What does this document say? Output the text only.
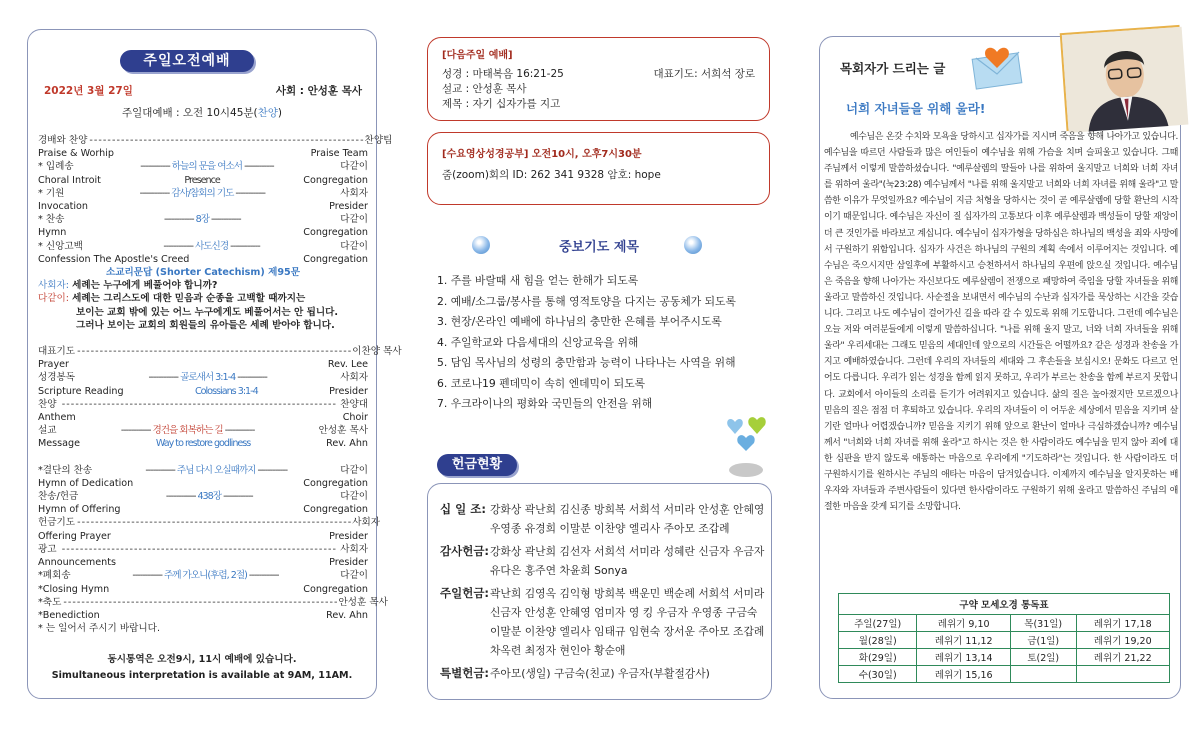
주일오전예배
2022년 3월 27일	사회 : 안성훈 목사
주일대예배 : 오전 10시45분(찬양)
경배와 찬양 - - - - - - - - - - - - - - - - - - - - - - - - - - - - - - - - - - - - - - - - - - - - - - - - - - - - - - - - - - - - - 찬양팀
Praise & Worhip	Praise Team
* 입례송	------------ 하늘의 문을 여소서 ------------	다같이
Choral Introit	Presence	Congregation
* 기원	------------ 감사/참회의 기도 ------------	사회자
Invocation	Presider
* 찬송	------------ 8장 ------------	다같이
Hymn	Congregation
* 신앙고백	------------ 사도신경 ------------	다같이
Confession The Apostle's Creed	Congregation
소교리문답 (Shorter Catechism) 제95문
사회자: 세례는 누구에게 베풀어야 합니까?
다같이: 세례는 그리스도에 대한 믿음과 순종을 고백할 때까지는
보이는 교회 밖에 있는 어느 누구에게도 베풀어서는 안 됩니다.
그러나 보이는 교회의 회원들의 유아들은 세례 받아야 합니다.
대표기도 - - - - - - - - - - - - - - - - - - - - - - - - - - - - - - - - - - - - - - - - - - - - - - - - - - - - - - - - - - - - - 이찬양 목사
Prayer	Rev. Lee
성경봉독	------------ 골로새서 3:1-4 ------------	사회자
Scripture Reading	Colossians 3:1-4	Presider
찬양 - - - - - - - - - - - - - - - - - - - - - - - - - - - - - - - - - - - - - - - - - - - - - - - - - - - - - - - - - - - - - 찬양대
Anthem	Choir
설교	------------ 경건을 회복하는 길 ------------	안성훈 목사
Message	Way to restore godliness	Rev. Ahn
*결단의 찬송	------------ 주님 다시 오실때까지 ------------	다같이
Hymn of Dedication	Congregation
찬송/헌금	------------ 438장 ------------	다같이
Hymn of Offering	Congregation
헌금기도 - - - - - - - - - - - - - - - - - - - - - - - - - - - - - - - - - - - - - - - - - - - - - - - - - - - - - - - - - - - - - 사회자
Offering Prayer	Presider
광고 - - - - - - - - - - - - - - - - - - - - - - - - - - - - - - - - - - - - - - - - - - - - - - - - - - - - - - - - - - - - - 사회자
Announcements	Presider
*폐회송	------------ 주께 가오니(후렴, 2절) ------------	다같이
*Closing Hymn	Congregation
*축도 - - - - - - - - - - - - - - - - - - - - - - - - - - - - - - - - - - - - - - - - - - - - - - - - - - - - - - - - - - - - - 안성훈 목사
*Benediction	Rev. Ahn
* 는 일어서 주시기 바랍니다.
동시통역은 오전9시, 11시 예배에 있습니다.
Simultaneous interpretation is available at 9AM, 11AM.
[다음주일 예배]
성경 : 마태복음 16:21-25	대표기도: 서희석 장로
설교 : 안성훈 목사
제목 : 자기 십자가를 지고
[수요영상성경공부] 오전10시, 오후7시30분
줌(zoom)회의 ID: 262 341 9328 암호: hope
중보기도 제목
1. 주를 바랄때 새 힘을 얻는 한해가 되도록
2. 예배/소그룹/봉사를 통해 영적토양을 다지는 공동체가 되도록
3. 현장/온라인 예배에 하나님의 충만한 은혜를 부어주시도록
4. 주일학교와 다음세대의 신앙교육을 위해
5. 담임 목사님의 성령의 충만함과 능력이 나타나는 사역을 위해
6. 코로나19 펜데믹이 속히 엔데믹이 되도록
7. 우크라이나의 평화와 국민들의 안전을 위해
헌금현황
십 일 조: 강화상 곽난희 김신종 방희복 서희석 서미라 안성훈 안혜영 우영종 유경희 이말분 이찬양 엘리사 주아모 조갑례
감사헌금: 강화상 곽난희 김선자 서희석 서미라 성혜란 신금자 우금자 유다은 홍주연 차윤희 Sonya
주일헌금: 곽난희 김영옥 김익형 방희복 백운민 백순례 서희석 서미라 신금자 안성훈 안혜영 엄미자 영 킹 우금자 우영종 구금숙 이말분 이찬양 엘리사 임태규 임현숙 장서운 주아모 조갑례 차옥련 최정자 현인아 황순애
특별헌금: 주아모(생일) 구금숙(친교) 우금자(부활절감사)
목회자가 드리는 글
너희 자녀들을 위해 울라!
예수님은 온갖 수치와 모욕을 당하시고 십자가를 지시며 죽음을 향해 나아가고 있습니다. 예수님을 따르던 사람들과 많은 여인들이 예수님을 위해 가슴을 치며 슬피울고 있습니다. 그때 주님께서 이렇게 말씀하셨습니다. "예루살렘의 딸들아 나를 위하여 울지말고 너희와 너희 자녀를 위하여 울라"(눅23:28) 예수님께서 "나를 위해 울지말고 너희와 너희 자녀를 위해 울라"고 말씀한 이유가 무엇일까요? 예수님이 지금 처형을 당하시는 것이 곧 예루살렘에 당할 환난의 시작이기 때문입니다. 예수님은 자신이 질 십자가의 고통보다 이후 예루살렘과 백성들이 당할 재앙이 더 큰 것인가를 바라보고 계십니다. 예수님이 십자가형을 당하심은 하나님의 백성을 죄와 사망에서 구원하기 위함입니다. 십자가 사건은 하나님의 구원의 계획 속에서 이루어지는 것입니다. 예수님은 죽으시지만 삼일후에 부활하시고 승천하셔서 하나님의 우편에 앉으실 것입니다. 예수님은 죽음을 향해 나아가는 자신보다도 예루살렘이 전쟁으로 패망하여 죽임을 당할 자녀들을 위해 울라고 말씀하신 것입니다. 사순절을 보내면서 예수님의 수난과 십자가를 묵상하는 시간을 갖습니다. 그리고 나도 예수님이 걸어가신 길을 따라 갈 수 있도록 위해 기도합니다. 그런데 예수님은 오늘 저와 여러분들에게 이렇게 말씀하십니다. "나를 위해 울지 말고, 너와 너희 자녀들을 위해 울라" 우리세대는 그래도 믿음의 세대인데 앞으로의 시간들은 어떨까요? 같은 성경과 찬송을 가지고 예배하였습니다. 그런데 우리의 자녀들의 세대와 그 후손들을 보십시오! 문화도 다르고 언어도 다릅니다. 우리가 읽는 성경을 함께 읽지 못하고, 우리가 부르는 찬송을 함께 부르지 못합니다. 교회에서 아이들의 소리를 듣기가 어려워지고 있습니다. 삶의 질은 높아졌지만 모르겠으나 믿음의 질은 점점 더 후퇴하고 있습니다. 우리의 자녀들이 이 어두운 세상에서 믿음을 지키며 살기란 얼마나 어렵겠습니까? 믿음을 지키기 위해 앞으로 환난이 얼마나 극심하겠습니까? 예수님께서 "너희와 너희 자녀를 위해 울라"고 하시는 것은 한 사람이라도 예수님을 믿지 않아 죄에 대한 심판을 받지 않도록 애통하는 마음으로 우리에게 "기도하라"는 것입니다. 한 사람이라도 더 구원하시기를 원하시는 주님의 애타는 마음이 담겨있습니다. 이제까지 예수님을 알지못하는 배우자와 자녀들과 주변사람들이 있다면 한사람이라도 구원하기 위해 울라고 말씀하신 주님의 애절한 마음을 갖게 되기를 소망합니다.
구약 모세오경 통독표
주일(27일)	레위기 9,10	목(31일)	레위기 17,18
월(28일)	레위기 11,12	금(1일)	레위기 19,20
화(29일)	레위기 13,14	토(2일)	레위기 21,22
수(30일)	레위기 15,16		
